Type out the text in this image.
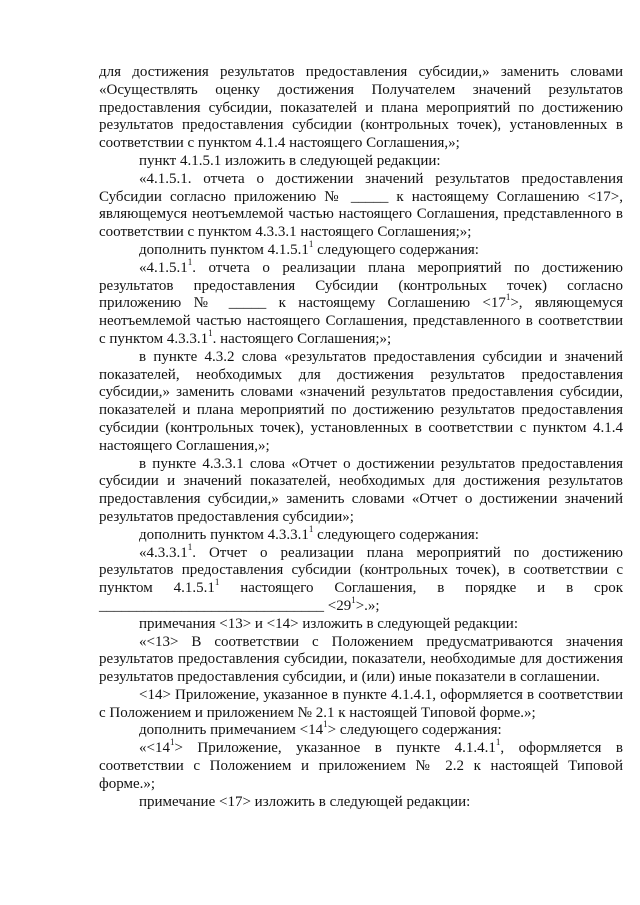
для достижения результатов предоставления субсидии,» заменить словами «Осуществлять оценку достижения Получателем значений результатов предоставления субсидии, показателей и плана мероприятий по достижению результатов предоставления субсидии (контрольных точек), установленных в соответствии с пунктом 4.1.4 настоящего Соглашения,»;

пункт 4.1.5.1 изложить в следующей редакции:

«4.1.5.1. отчета о достижении значений результатов предоставления Субсидии согласно приложению № _____ к настоящему Соглашению <17>, являющемуся неотъемлемой частью настоящего Соглашения, представленного в соответствии с пунктом 4.3.3.1 настоящего Соглашения;»;

дополнить пунктом 4.1.5.1$^1$ следующего содержания:

«4.1.5.1$^1$. отчета о реализации плана мероприятий по достижению результатов предоставления Субсидии (контрольных точек) согласно приложению № _____ к настоящему Соглашению $<17^1>$, являющемуся неотъемлемой частью настоящего Соглашения, представленного в соответствии с пунктом 4.3.3.1$^1$. настоящего Соглашения;»;

в пункте 4.3.2 слова «результатов предоставления субсидии и значений показателей, необходимых для достижения результатов предоставления субсидии,» заменить словами «значений результатов предоставления субсидии, показателей и плана мероприятий по достижению результатов предоставления субсидии (контрольных точек), установленных в соответствии с пунктом 4.1.4 настоящего Соглашения,»;

в пункте 4.3.3.1 слова «Отчет о достижении результатов предоставления субсидии и значений показателей, необходимых для достижения результатов предоставления субсидии,» заменить словами «Отчет о достижении значений результатов предоставления субсидии»;

дополнить пунктом 4.3.3.1$^1$ следующего содержания:

«4.3.3.1$^1$. Отчет о реализации плана мероприятий по достижению результатов предоставления субсидии (контрольных точек), в соответствии с пунктом 4.1.5.1$^1$ настоящего Соглашения, в порядке и в срок ______________________________ $<29^1>$.»;

примечания <13> и <14> изложить в следующей редакции:

«<13> В соответствии с Положением предусматриваются значения результатов предоставления субсидии, показатели, необходимые для достижения результатов предоставления субсидии, и (или) иные показатели в соглашении.

<14> Приложение, указанное в пункте 4.1.4.1, оформляется в соответствии с Положением и приложением № 2.1 к настоящей Типовой форме.»;

дополнить примечанием $<14^1>$ следующего содержания:

«$<14^1>$ Приложение, указанное в пункте 4.1.4.1$^1$, оформляется в соответствии с Положением и приложением № 2.2 к настоящей Типовой форме.»;

примечание <17> изложить в следующей редакции:
